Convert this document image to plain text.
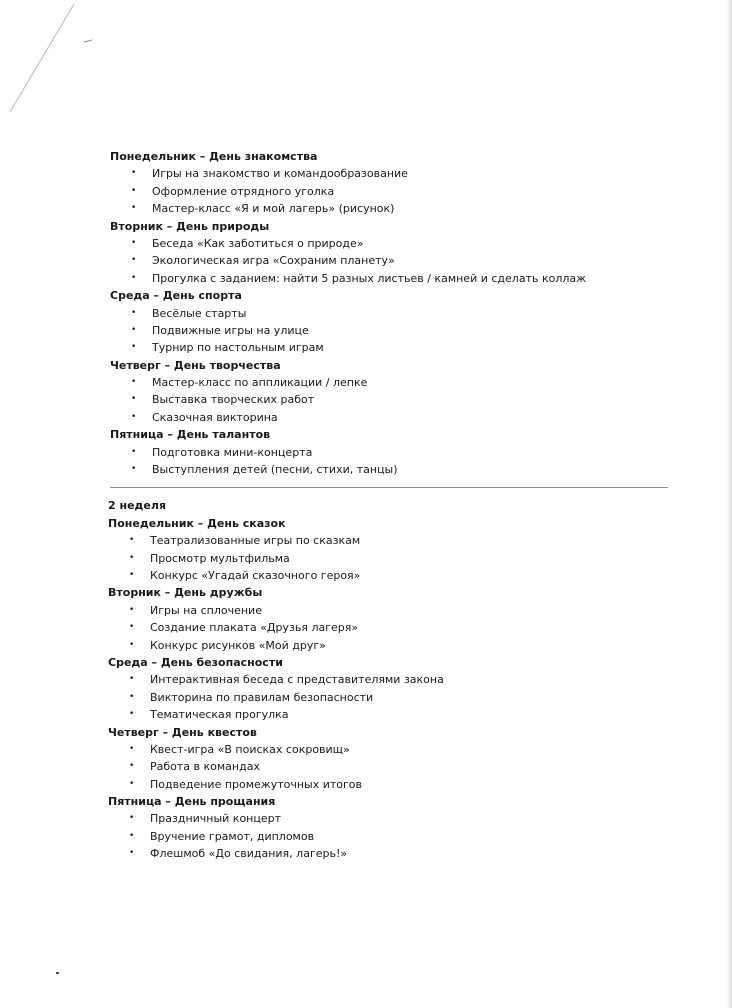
Понедельник – День знакомства

• Игры на знакомство и командообразование
• Оформление отрядного уголка
• Мастер-класс «Я и мой лагерь» (рисунок)

Вторник – День природы

• Беседа «Как заботиться о природе»
• Экологическая игра «Сохраним планету»
• Прогулка с заданием: найти 5 разных листьев / камней и сделать коллаж

Среда – День спорта

• Весёлые старты
• Подвижные игры на улице
• Турнир по настольным играм

Четверг – День творчества

• Мастер-класс по аппликации / лепке
• Выставка творческих работ
• Сказочная викторина

Пятница – День талантов

• Подготовка мини-концерта
• Выступления детей (песни, стихи, танцы)

2 неделя

Понедельник – День сказок

• Театрализованные игры по сказкам
• Просмотр мультфильма
• Конкурс «Угадай сказочного героя»

Вторник – День дружбы

• Игры на сплочение
• Создание плаката «Друзья лагеря»
• Конкурс рисунков «Мой друг»

Среда – День безопасности

• Интерактивная беседа с представителями закона
• Викторина по правилам безопасности
• Тематическая прогулка

Четверг – День квестов

• Квест-игра «В поисках сокровищ»
• Работа в командах
• Подведение промежуточных итогов

Пятница – День прощания

• Праздничный концерт
• Вручение грамот, дипломов
• Флешмоб «До свидания, лагерь!»
